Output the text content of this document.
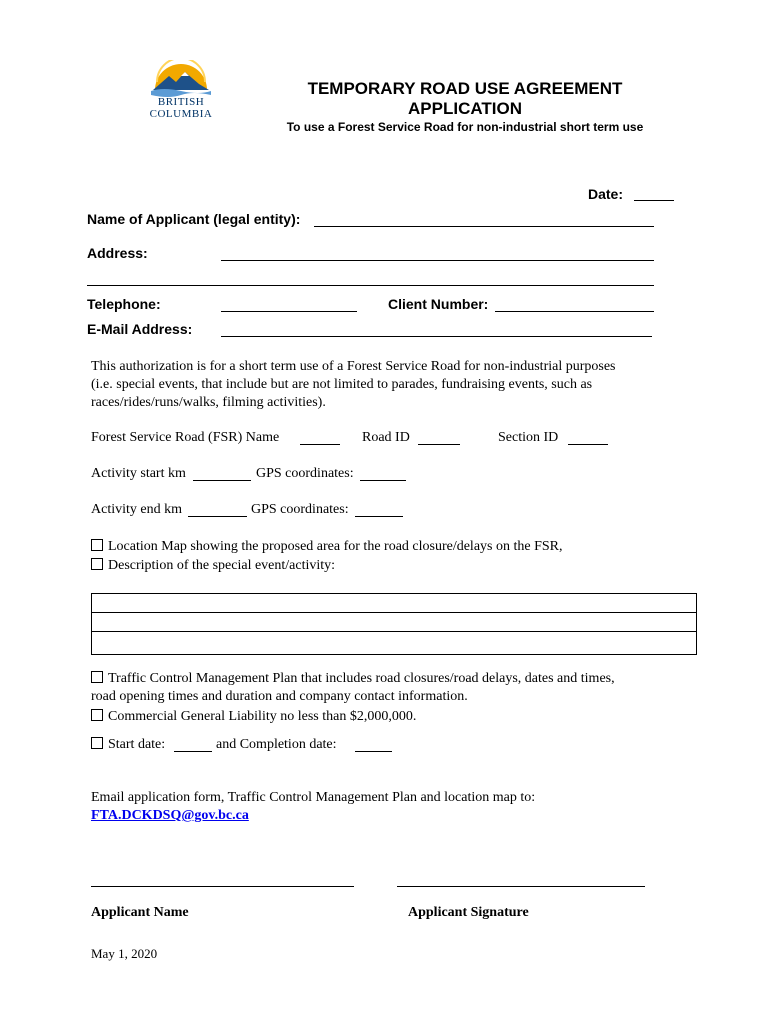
BRITISH
COLUMBIA
TEMPORARY ROAD USE AGREEMENT
APPLICATION
To use a Forest Service Road for non-industrial short term use
Date:
Name of Applicant (legal entity):
Address:
Telephone:	Client Number:
E-Mail Address:
This authorization is for a short term use of a Forest Service Road for non-industrial purposes
(i.e. special events, that include but are not limited to parades, fundraising events, such as
races/rides/runs/walks, filming activities).
Forest Service Road (FSR) Name	Road ID	Section ID
Activity start km	GPS coordinates:
Activity end km	GPS coordinates:
Location Map showing the proposed area for the road closure/delays on the FSR,
Description of the special event/activity:
Traffic Control Management Plan that includes road closures/road delays, dates and times,
road opening times and duration and company contact information.
Commercial General Liability no less than $2,000,000.
Start date:	and Completion date:
Email application form, Traffic Control Management Plan and location map to:
FTA.DCKDSQ@gov.bc.ca
Applicant Name	Applicant Signature
May 1, 2020
